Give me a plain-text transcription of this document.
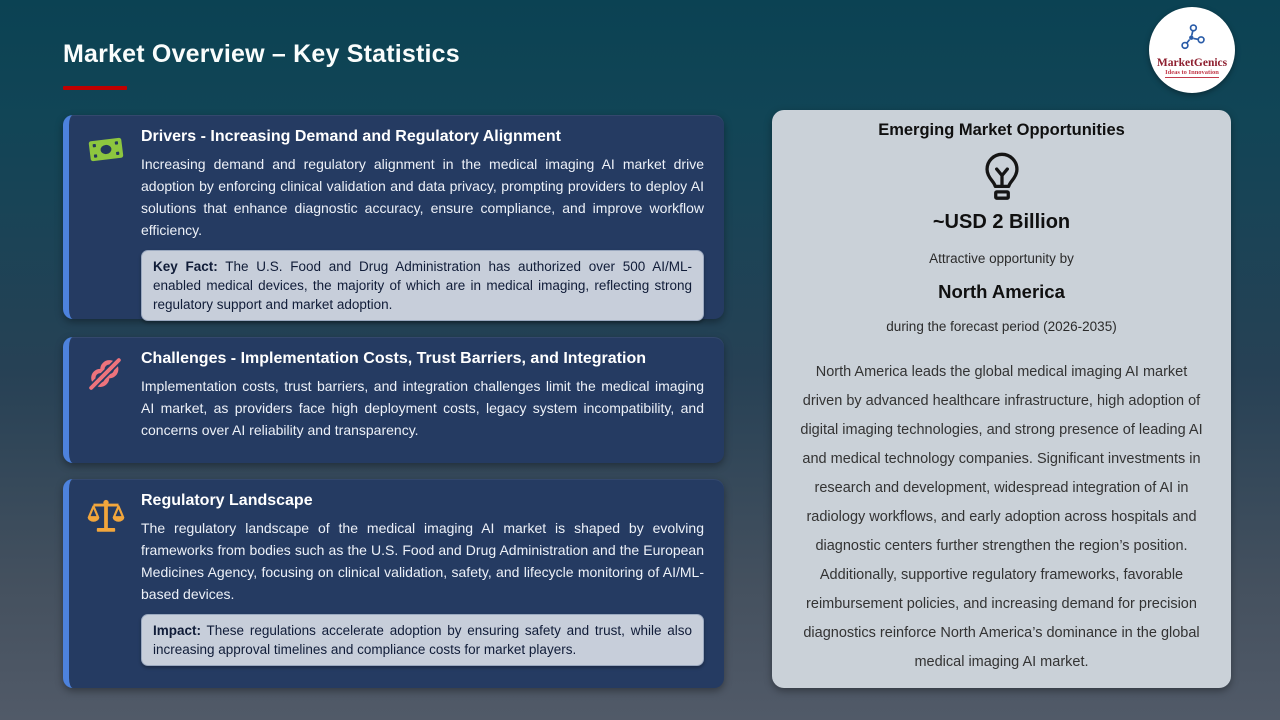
Market Overview – Key Statistics	MarketGenics
Ideas to Innovation
Drivers - Increasing Demand and Regulatory Alignment
Increasing demand and regulatory alignment in the medical imaging AI market drive adoption by enforcing clinical validation and data privacy, prompting providers to deploy AI solutions that enhance diagnostic accuracy, ensure compliance, and improve workflow efficiency.
Key Fact: The U.S. Food and Drug Administration has authorized over 500 AI/ML-enabled medical devices, the majority of which are in medical imaging, reflecting strong regulatory support and market adoption.
Challenges - Implementation Costs, Trust Barriers, and Integration
Implementation costs, trust barriers, and integration challenges limit the medical imaging AI market, as providers face high deployment costs, legacy system incompatibility, and concerns over AI reliability and transparency.
Regulatory Landscape
The regulatory landscape of the medical imaging AI market is shaped by evolving frameworks from bodies such as the U.S. Food and Drug Administration and the European Medicines Agency, focusing on clinical validation, safety, and lifecycle monitoring of AI/ML-based devices.
Impact: These regulations accelerate adoption by ensuring safety and trust, while also increasing approval timelines and compliance costs for market players.
Emerging Market Opportunities
~USD 2 Billion
Attractive opportunity by
North America
during the forecast period (2026-2035)
North America leads the global medical imaging AI market driven by advanced healthcare infrastructure, high adoption of digital imaging technologies, and strong presence of leading AI and medical technology companies. Significant investments in research and development, widespread integration of AI in radiology workflows, and early adoption across hospitals and diagnostic centers further strengthen the region’s position. Additionally, supportive regulatory frameworks, favorable reimbursement policies, and increasing demand for precision diagnostics reinforce North America’s dominance in the global medical imaging AI market.
